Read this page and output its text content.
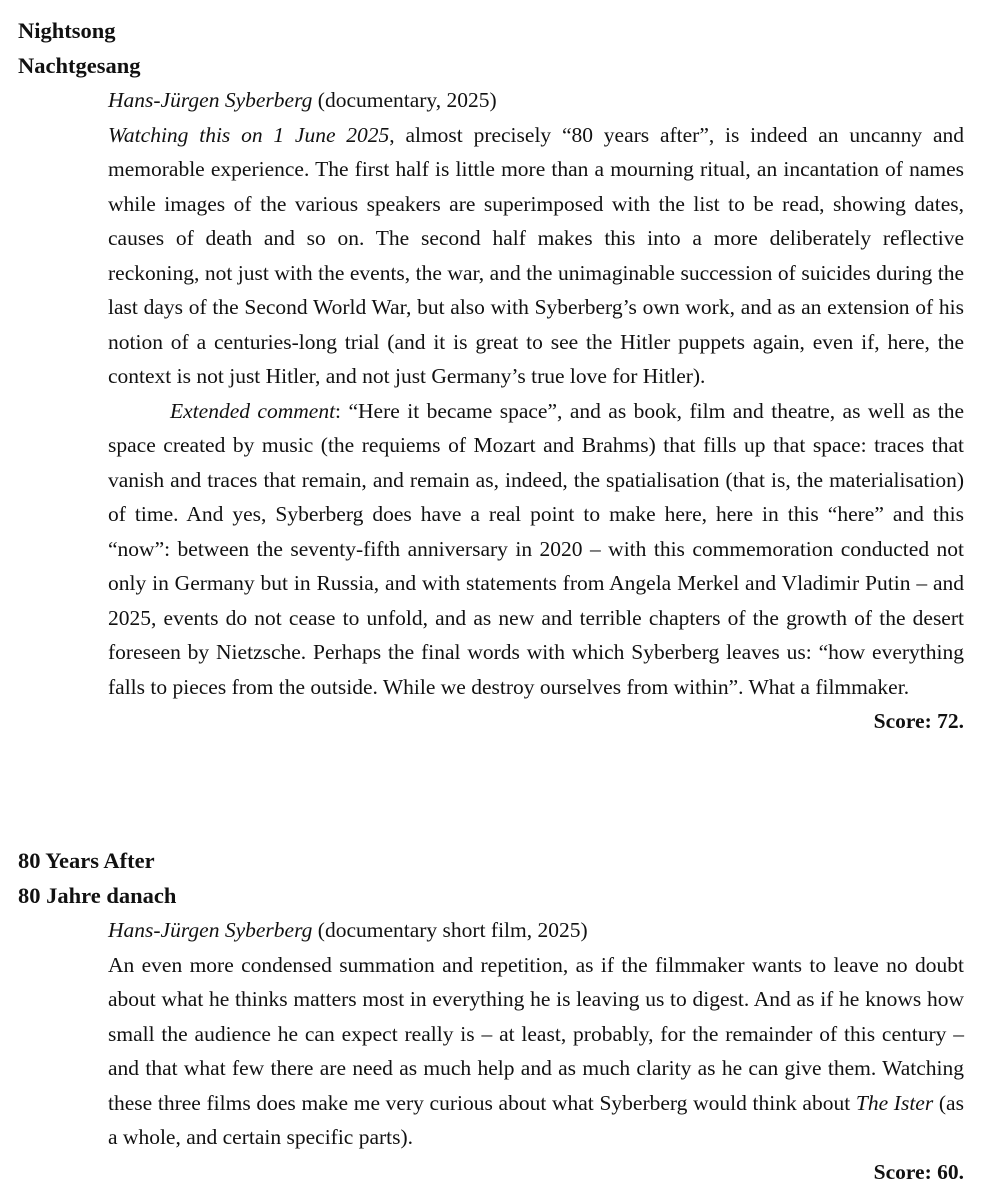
Nightsong

Nachtgesang

Hans-Jürgen Syberberg (documentary, 2025)

Watching this on 1 June 2025, almost precisely “80 years after”, is indeed an uncanny and memorable experience. The first half is little more than a mourning ritual, an incantation of names while images of the various speakers are superimposed with the list to be read, showing dates, causes of death and so on. The second half makes this into a more deliberately reflective reckoning, not just with the events, the war, and the unimaginable succession of suicides during the last days of the Second World War, but also with Syberberg’s own work, and as an extension of his notion of a centuries-long trial (and it is great to see the Hitler puppets again, even if, here, the context is not just Hitler, and not just Germany’s true love for Hitler).

Extended comment: “Here it became space”, and as book, film and theatre, as well as the space created by music (the requiems of Mozart and Brahms) that fills up that space: traces that vanish and traces that remain, and remain as, indeed, the spatialisation (that is, the materialisation) of time. And yes, Syberberg does have a real point to make here, here in this “here” and this “now”: between the seventy-fifth anniversary in 2020 – with this commemoration conducted not only in Germany but in Russia, and with statements from Angela Merkel and Vladimir Putin – and 2025, events do not cease to unfold, and as new and terrible chapters of the growth of the desert foreseen by Nietzsche. Perhaps the final words with which Syberberg leaves us: “how everything falls to pieces from the outside. While we destroy ourselves from within”. What a filmmaker.

Score: 72.

80 Years After

80 Jahre danach

Hans-Jürgen Syberberg (documentary short film, 2025)

An even more condensed summation and repetition, as if the filmmaker wants to leave no doubt about what he thinks matters most in everything he is leaving us to digest. And as if he knows how small the audience he can expect really is – at least, probably, for the remainder of this century – and that what few there are need as much help and as much clarity as he can give them. Watching these three films does make me very curious about what Syberberg would think about The Ister (as a whole, and certain specific parts).

Score: 60.
